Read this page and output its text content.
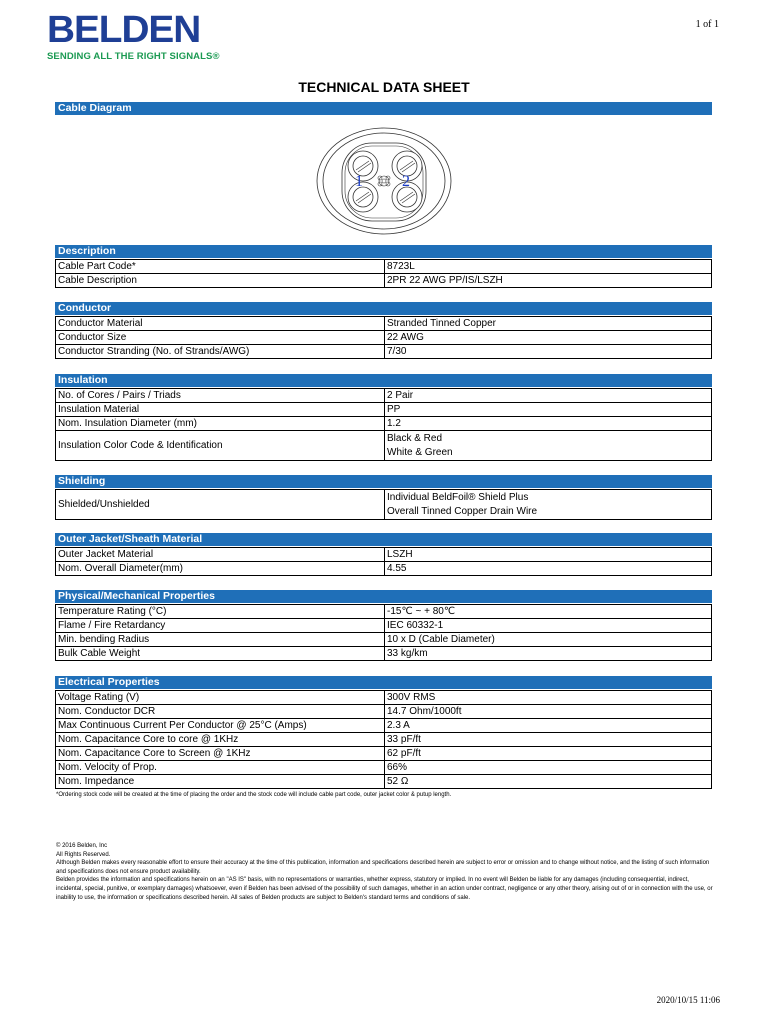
BELDEN
SENDING ALL THE RIGHT SIGNALS®
1 of 1
TECHNICAL DATA SHEET
Cable Diagram
1 2
Description
Cable Part Code*	8723L
Cable Description	2PR 22 AWG PP/IS/LSZH
Conductor
Conductor Material	Stranded Tinned Copper
Conductor Size	22 AWG
Conductor Stranding (No. of Strands/AWG)	7/30
Insulation
No. of Cores / Pairs / Triads	2 Pair
Insulation Material	PP
Nom. Insulation Diameter (mm)	1.2
Insulation Color Code & Identification	Black & Red
White & Green
Shielding
Shielded/Unshielded	
Individual BeldFoil® Shield Plus
Overall Tinned Copper Drain Wire
Outer Jacket/Sheath Material
Outer Jacket Material	LSZH
Nom. Overall Diameter(mm)	4.55
Physical/Mechanical Properties
Temperature Rating (°C)	-15℃ ~ + 80℃
Flame / Fire Retardancy	IEC 60332-1
Min. bending Radius	10 x D (Cable Diameter)
Bulk Cable Weight	33 kg/km
Electrical Properties
Voltage Rating (V)	300V RMS
Nom. Conductor DCR	14.7 Ohm/1000ft
Max Continuous Current Per Conductor @ 25°C (Amps)	2.3 A
Nom. Capacitance Core to core @ 1KHz	33 pF/ft
Nom. Capacitance Core to Screen @ 1KHz	62 pF/ft
Nom. Velocity of Prop.	66%
Nom. Impedance	52 Ω
*Ordering stock code will be created at the time of placing the order and the stock code will include cable part code, outer jacket color & putup length.
© 2016 Belden, Inc
All Rights Reserved.
Although Belden makes every reasonable effort to ensure their accuracy at the time of this publication, information and specifications described herein are subject to error or omission and to change without notice, and the listing of such information and specifications does not ensure product availability.
Belden provides the information and specifications herein on an "AS IS" basis, with no representations or warranties, whether express, statutory or implied. In no event will Belden be liable for any damages (including consequential, indirect, incidental, special, punitive, or exemplary damages) whatsoever, even if Belden has been advised of the possibility of such damages, whether in an action under contract, negligence or any other theory, arising out of or in connection with the use, or inability to use, the information or specifications described herein. All sales of Belden products are subject to Belden's standard terms and conditions of sale.
2020/10/15 11:06
